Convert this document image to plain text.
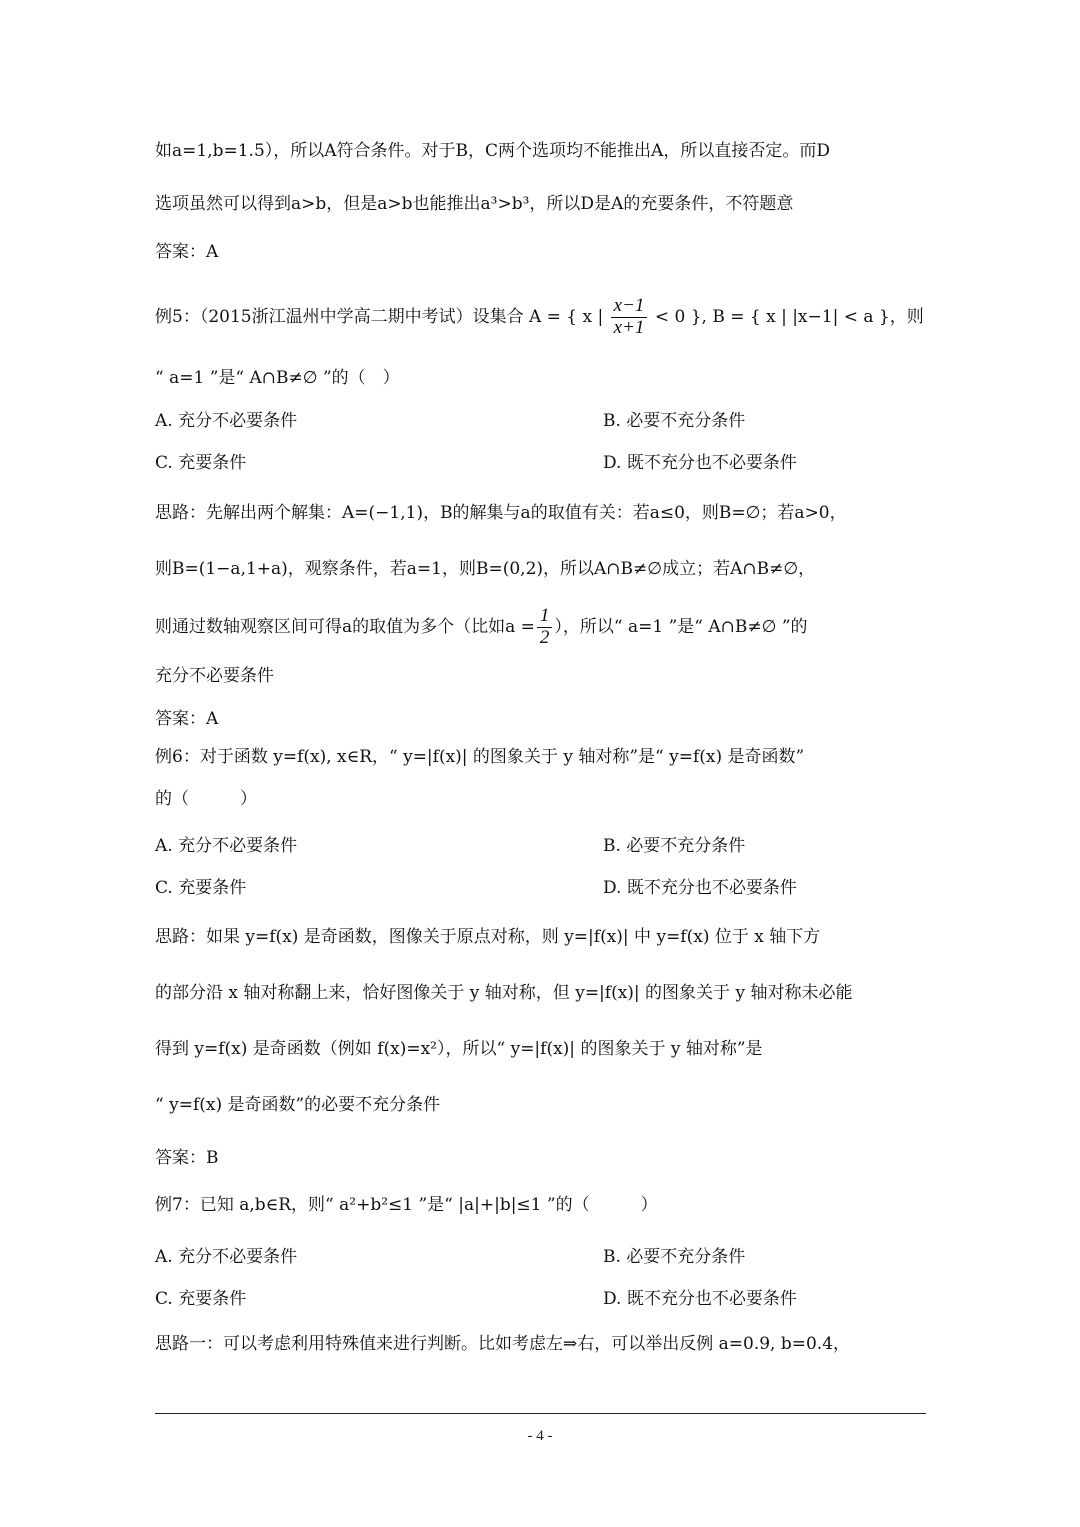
如a=1,b=1.5），所以A符合条件。对于B，C两个选项均不能推出A，所以直接否定。而D
选项虽然可以得到a>b，但是a>b也能推出a³>b³，所以D是A的充要条件，不符题意
答案：A
例5：（2015浙江温州中学高二期中考试）设集合 A = { x | $\frac{x-1}{x+1} < 0$ }, B = { x | |x−1| < a }，则
“ a=1 ”是“ A∩B≠∅ ”的（　）
A. 充分不必要条件	B. 必要不充分条件
C. 充要条件	D. 既不充分也不必要条件
思路：先解出两个解集：A=(−1,1)，B的解集与a的取值有关：若a≤0，则B=∅；若a>0，
则B=(1−a,1+a)，观察条件，若a=1，则B=(0,2)，所以A∩B≠∅成立；若A∩B≠∅，
则通过数轴观察区间可得a的取值为多个（比如$a = \frac{1}{2}$ ），所以“ a=1 ”是“ A∩B≠∅ ”的
充分不必要条件
答案：A
例6：对于函数 y=f(x), x∈R，“ y=|f(x)| 的图象关于 y 轴对称”是“ y=f(x) 是奇函数”
的（　　　）
A. 充分不必要条件	B. 必要不充分条件
C. 充要条件	D. 既不充分也不必要条件
思路：如果 y=f(x) 是奇函数，图像关于原点对称，则 y=|f(x)| 中 y=f(x) 位于 x 轴下方
的部分沿 x 轴对称翻上来，恰好图像关于 y 轴对称，但 y=|f(x)| 的图象关于 y 轴对称未必能
得到 y=f(x) 是奇函数（例如 f(x)=x²），所以“ y=|f(x)| 的图象关于 y 轴对称”是
“ y=f(x) 是奇函数”的必要不充分条件
答案：B
例7：已知 a,b∈R，则“ a²+b²≤1 ”是“ |a|+|b|≤1 ”的（　　　）
A. 充分不必要条件	B. 必要不充分条件
C. 充要条件	D. 既不充分也不必要条件
思路一：可以考虑利用特殊值来进行判断。比如考虑左⇒右，可以举出反例 a=0.9, b=0.4，
- 4 -
